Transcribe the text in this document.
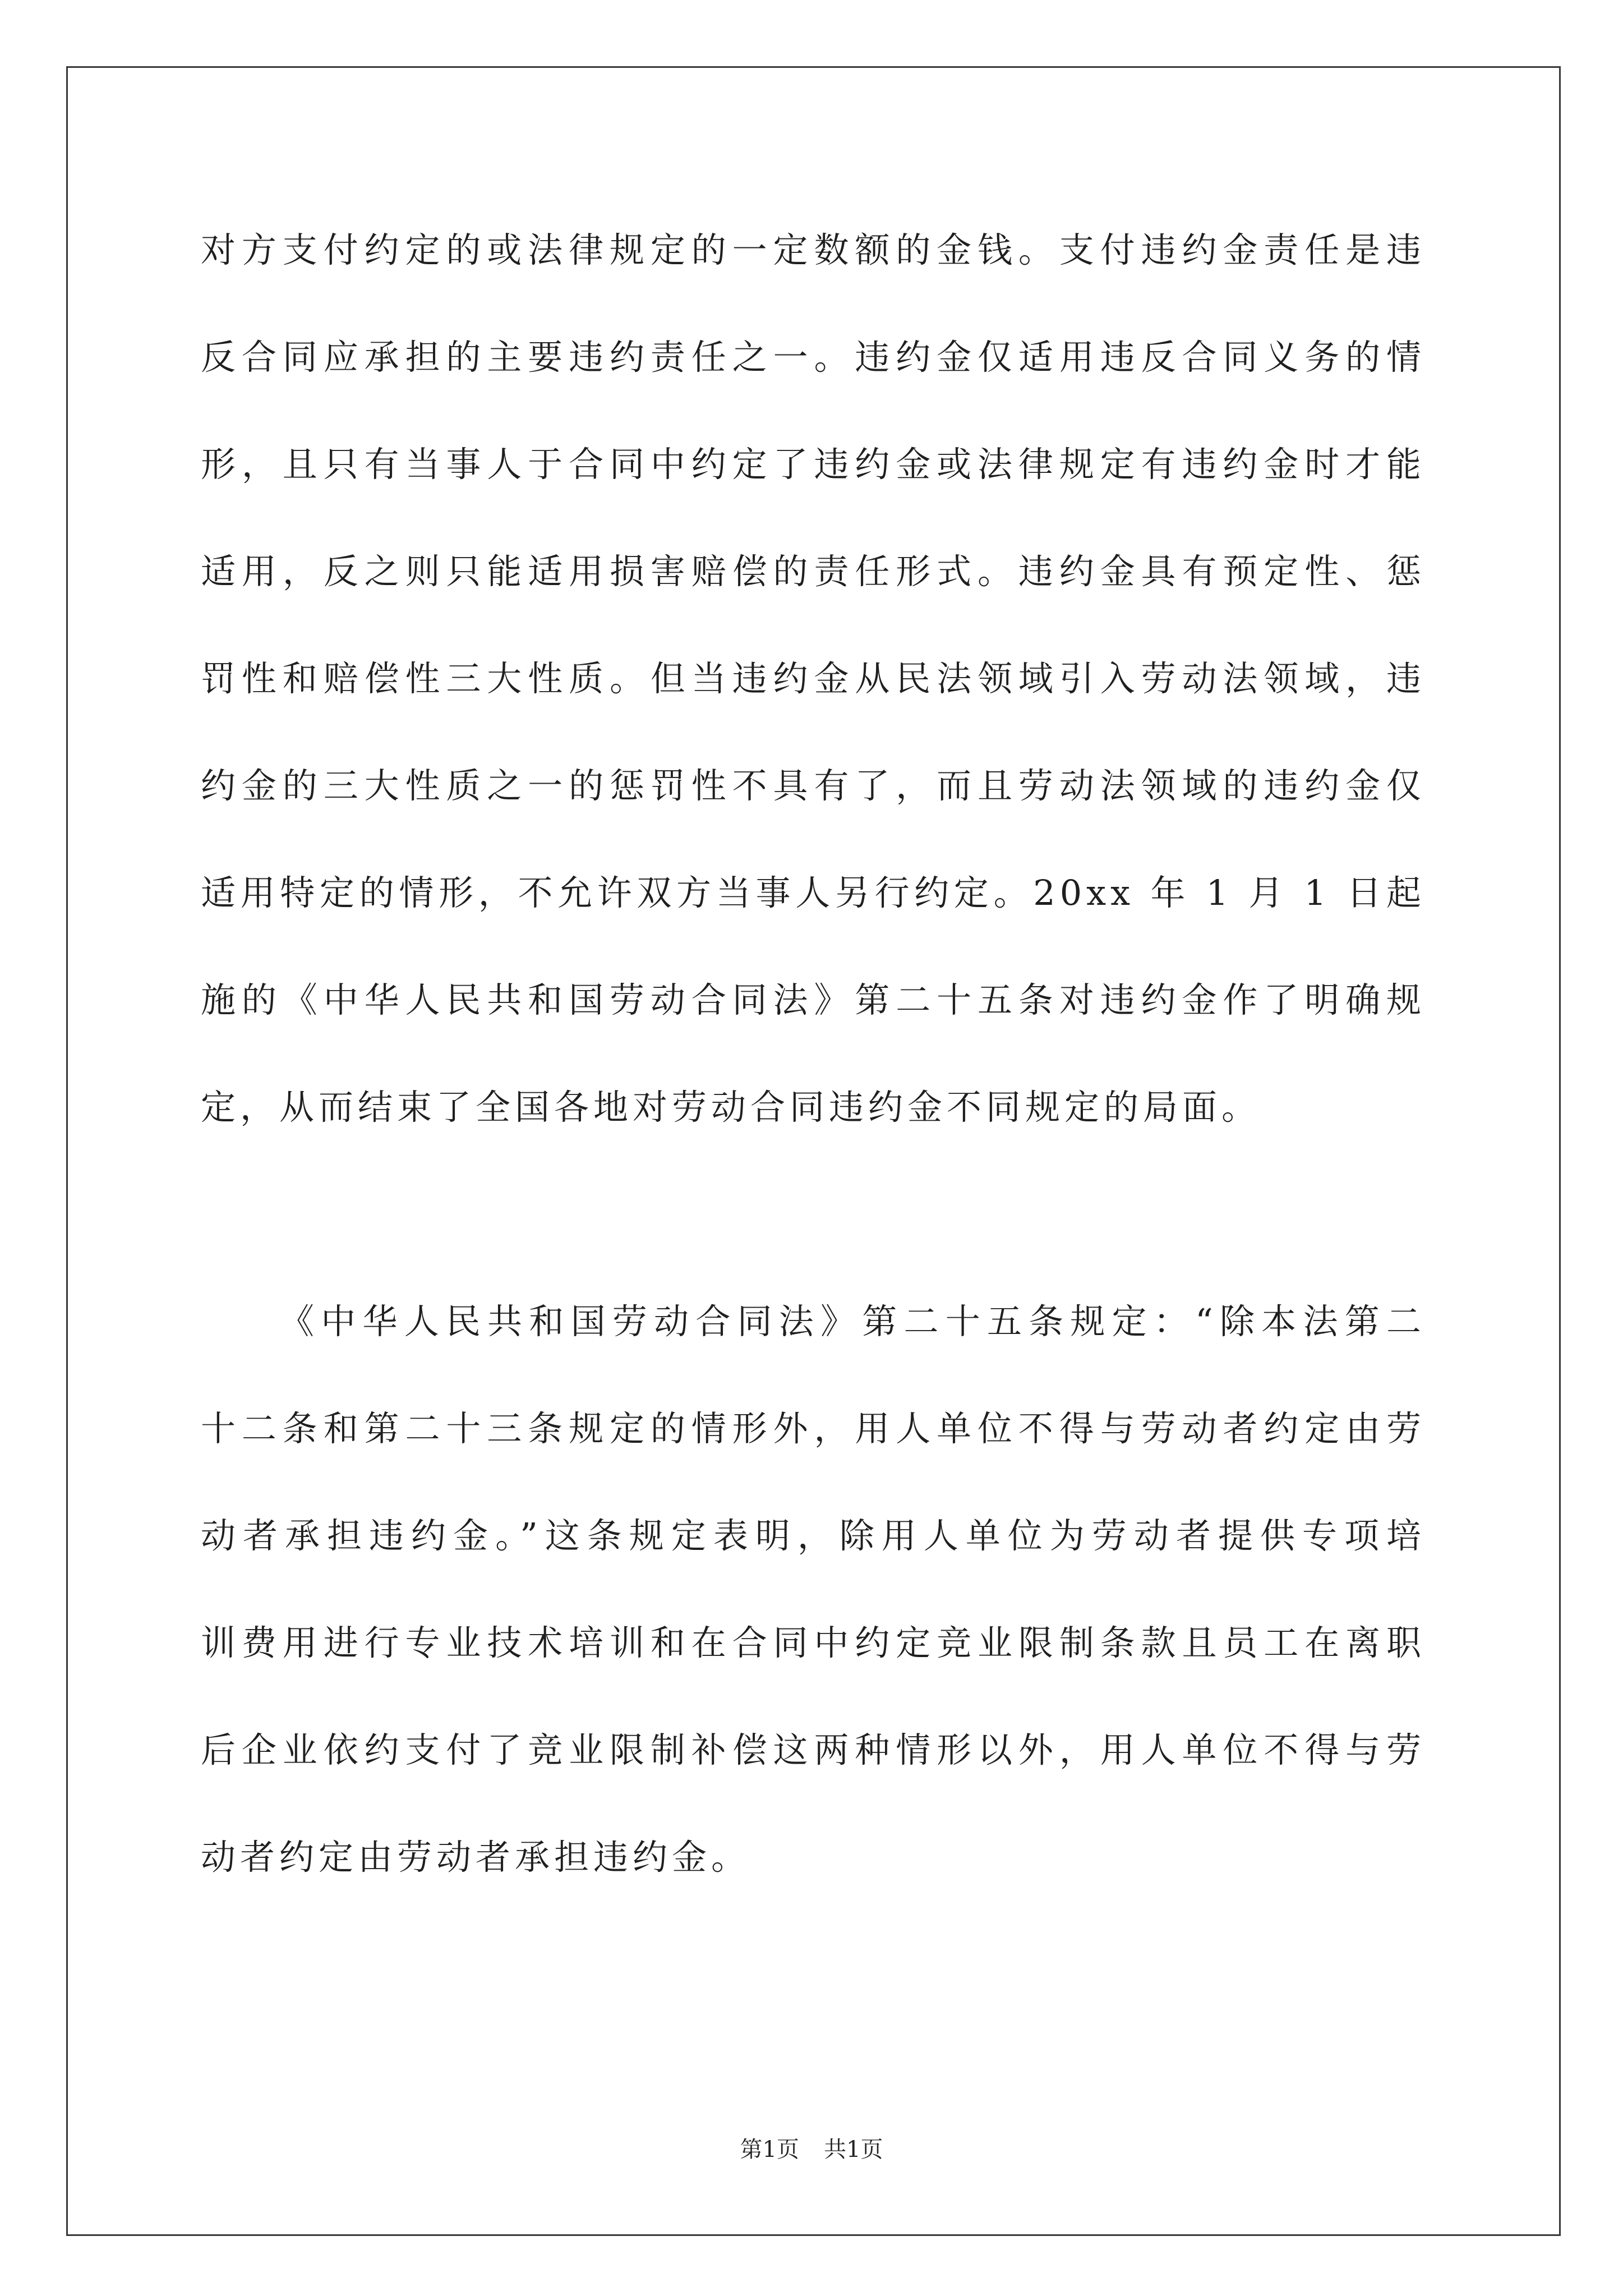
对方支付约定的或法律规定的一定数额的金钱。支付违约金责任是违
反合同应承担的主要违约责任之一。违约金仅适用违反合同义务的情
形，且只有当事人于合同中约定了违约金或法律规定有违约金时才能
适用，反之则只能适用损害赔偿的责任形式。违约金具有预定性、惩
罚性和赔偿性三大性质。但当违约金从民法领域引入劳动法领域，违
约金的三大性质之一的惩罚性不具有了，而且劳动法领域的违约金仅
适用特定的情形，不允许双方当事人另行约定。20xx 年 1 月 1 日起
施的《中华人民共和国劳动合同法》第二十五条对违约金作了明确规
定，从而结束了全国各地对劳动合同违约金不同规定的局面。
《中华人民共和国劳动合同法》第二十五条规定：“除本法第二
十二条和第二十三条规定的情形外，用人单位不得与劳动者约定由劳
动者承担违约金。”这条规定表明，除用人单位为劳动者提供专项培
训费用进行专业技术培训和在合同中约定竞业限制条款且员工在离职
后企业依约支付了竞业限制补偿这两种情形以外，用人单位不得与劳
动者约定由劳动者承担违约金。
第1页 共1页
